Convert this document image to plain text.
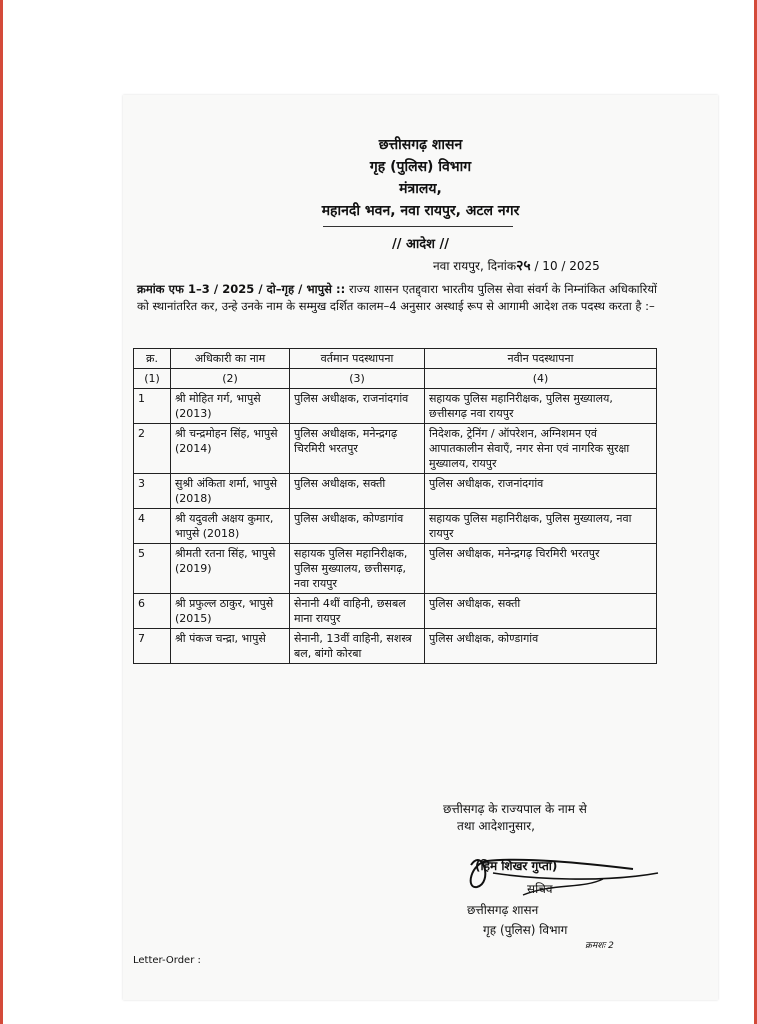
छत्तीसगढ़ शासन
गृह (पुलिस) विभाग
मंत्रालय,
महानदी भवन, नवा रायपुर, अटल नगर
// आदेश //
नवा रायपुर, दिनांक२५ / 10 / 2025
क्रमांक एफ 1–3 / 2025 / दो–गृह / भापुसे :: राज्य शासन एतद्द्वारा भारतीय पुलिस सेवा संवर्ग के निम्नांकित अधिकारियों को स्थानांतरित कर, उन्हे उनके नाम के सम्मुख दर्शित कालम–4 अनुसार अस्थाई रूप से आगामी आदेश तक पदस्थ करता है :–
क्र.	अधिकारी का नाम	वर्तमान पदस्थापना	नवीन पदस्थापना
(1)	(2)	(3)	(4)
1	श्री मोहित गर्ग, भापुसे (2013)	पुलिस अधीक्षक, राजनांदगांव	सहायक पुलिस महानिरीक्षक, पुलिस मुख्यालय, छत्तीसगढ़ नवा रायपुर
2	श्री चन्द्रमोहन सिंह, भापुसे (2014)	पुलिस अधीक्षक, मनेन्द्रगढ़ चिरमिरी भरतपुर	निदेशक, ट्रेनिंग / ऑपरेशन, अग्निशमन एवं आपातकालीन सेवाएँ, नगर सेना एवं नागरिक सुरक्षा मुख्यालय, रायपुर
3	सुश्री अंकिता शर्मा, भापुसे (2018)	पुलिस अधीक्षक, सक्ती	पुलिस अधीक्षक, राजनांदगांव
4	श्री यदुवली अक्षय कुमार, भापुसे (2018)	पुलिस अधीक्षक, कोण्डागांव	सहायक पुलिस महानिरीक्षक, पुलिस मुख्यालय, नवा रायपुर
5	श्रीमती रतना सिंह, भापुसे (2019)	सहायक पुलिस महानिरीक्षक, पुलिस मुख्यालय, छत्तीसगढ़, नवा रायपुर	पुलिस अधीक्षक, मनेन्द्रगढ़ चिरमिरी भरतपुर
6	श्री प्रफुल्ल ठाकुर, भापुसे (2015)	सेनानी 4थीं वाहिनी, छसबल माना रायपुर	पुलिस अधीक्षक, सक्ती
7	श्री पंकज चन्द्रा, भापुसे	सेनानी, 13वीं वाहिनी, सशस्त्र बल, बांगो कोरबा	पुलिस अधीक्षक, कोण्डागांव
छत्तीसगढ़ के राज्यपाल के नाम से
तथा आदेशानुसार,
(हिम शिखर गुप्ता)
सचिव
छत्तीसगढ़ शासन
गृह (पुलिस) विभाग
क्रमशः 2
Letter-Order :
